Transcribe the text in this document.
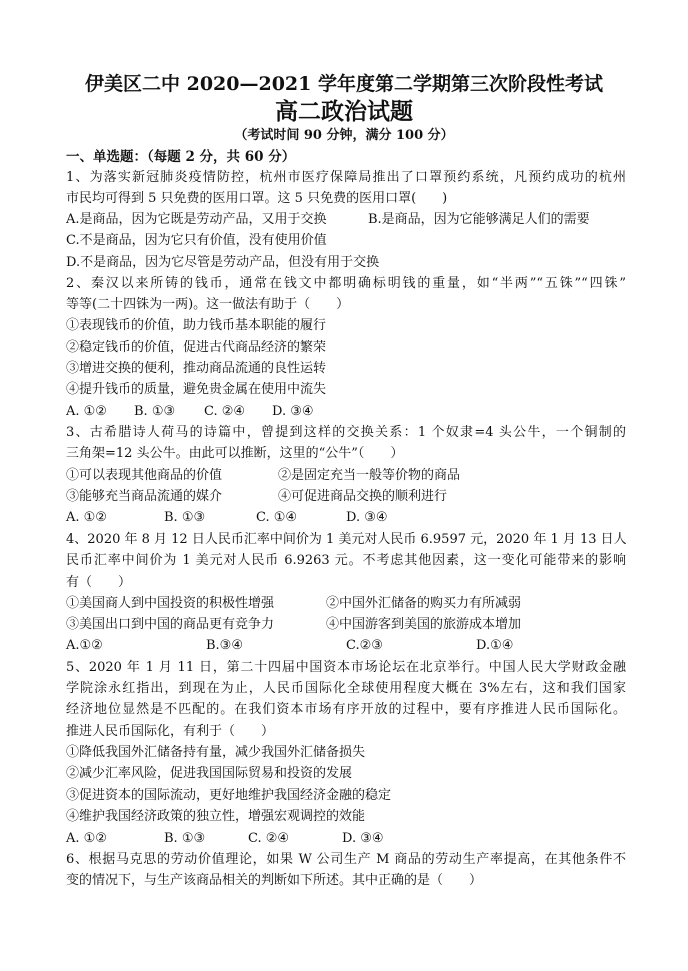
伊美区二中 2020—2021 学年度第二学期第三次阶段性考试
高二政治试题
（考试时间 90 分钟，满分 100 分）
一、单选题：（每题 2 分，共 60 分）
1、为落实新冠肺炎疫情防控，杭州市医疗保障局推出了口罩预约系统，凡预约成功的杭州
市民均可得到 5 只免费的医用口罩。这 5 只免费的医用口罩(　　)
A.是商品，因为它既是劳动产品，又用于交换	B.是商品，因为它能够满足人们的需要
C.不是商品，因为它只有价值，没有使用价值
D.不是商品，因为它尽管是劳动产品，但没有用于交换
2、秦汉以来所铸的钱币，通常在钱文中都明确标明钱的重量，如“半两”“五铢”“四铢”
等等(二十四铢为一两)。这一做法有助于（　　）
①表现钱币的价值，助力钱币基本职能的履行
②稳定钱币的价值，促进古代商品经济的繁荣
③增进交换的便利，推动商品流通的良性运转
④提升钱币的质量，避免贵金属在使用中流失
A. ①② B. ①③ C. ②④ D. ③④
3、古希腊诗人荷马的诗篇中，曾提到这样的交换关系：1 个奴隶=4 头公牛，一个铜制的
三角架=12 头公牛。由此可以推断，这里的“公牛”（　　）
①可以表现其他商品的价值	②是固定充当一般等价物的商品
③能够充当商品流通的媒介	④可促进商品交换的顺利进行
A. ①②	B. ①③	C. ①④	D. ③④
4、2020 年 8 月 12 日人民币汇率中间价为 1 美元对人民币 6.9597 元，2020 年 1 月 13 日人
民币汇率中间价为 1 美元对人民币 6.9263 元。不考虑其他因素，这一变化可能带来的影响
有（　　）
①美国商人到中国投资的积极性增强	②中国外汇储备的购买力有所减弱
③美国出口到中国的商品更有竞争力	④中国游客到美国的旅游成本增加
A.①②	B.③④	C.②③	D.①④
5、2020 年 1 月 11 日，第二十四届中国资本市场论坛在北京举行。中国人民大学财政金融
学院涂永红指出，到现在为止，人民币国际化全球使用程度大概在 3%左右，这和我们国家
经济地位显然是不匹配的。在我们资本市场有序开放的过程中，要有序推进人民币国际化。
推进人民币国际化，有利于（　　）
①降低我国外汇储备持有量，减少我国外汇储备损失
②减少汇率风险，促进我国国际贸易和投资的发展
③促进资本的国际流动，更好地维护我国经济金融的稳定
④维护我国经济政策的独立性，增强宏观调控的效能
A. ①②	B. ①③	C. ②④	D. ③④
6、根据马克思的劳动价值理论，如果 W 公司生产 M 商品的劳动生产率提高，在其他条件不
变的情况下，与生产该商品相关的判断如下所述。其中正确的是（　　）
